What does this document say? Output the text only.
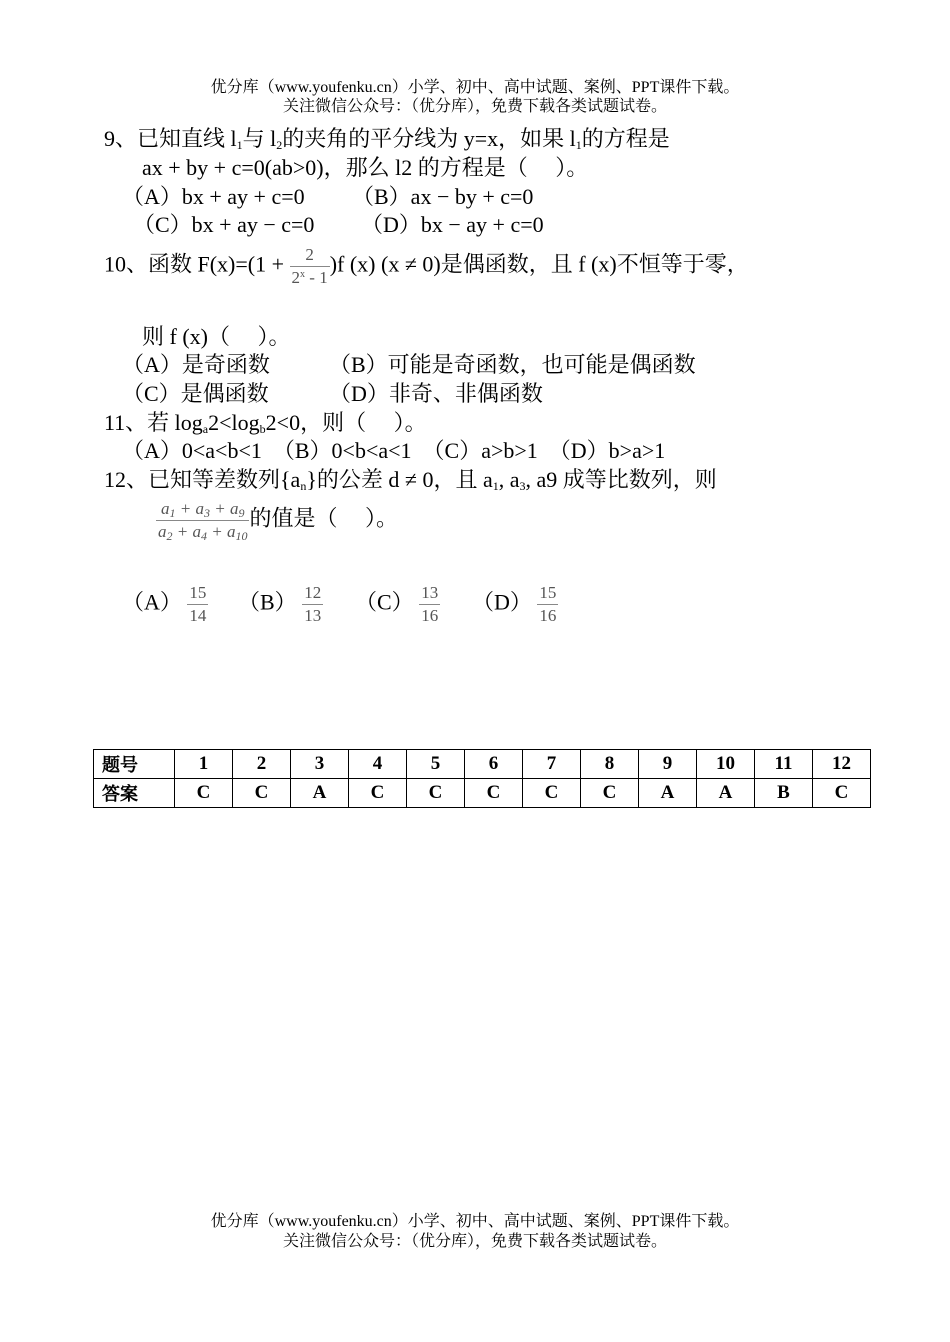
优分库（www.youfenku.cn）小学、初中、高中试题、案例、PPT课件下载。
关注微信公众号：（优分库），免费下载各类试题试卷。
9、已知直线 $l_1$与 $l_2$的夹角的平分线为 y=x，如果 $l_1$的方程是
ax + by + c=0(ab>0)，那么 l2 的方程是（　 ）。
（A）bx + ay + c=0 （B）ax − by + c=0
（C）bx + ay − c=0 （D）bx − ay + c=0
10、函数 $F(x)=(1 + \frac{2}{2^x - 1} )f$ (x) (x ≠ 0)是偶函数，且 f (x)不恒等于零，
则 f (x)（　 ）。
（A）是奇函数	（B）可能是奇函数，也可能是偶函数
（C）是偶函数	（D）非奇、非偶函数
11、若 $\log_a2<\log_b2<0$，则（　 ）。
（A）0<a<b<1　（B）0<b<a<1　（C）a>b>1　（D）b>a>1
12、已知等差数列$\{a_n\}$的公差 d ≠ 0，且 $a_1$, $a_3$, a9 成等比数列，则
$\frac{a_1 + a_3 + a_9}{a_2 + a_4 + a_{10}}$ 的值是（　 ）。
$(A) \frac{15}{14} (B) \frac{12}{13} (C) \frac{13}{16} (D) \frac{15}{16}$
题号	1	2	3	4	5	6	7	8	9	10	11	12
答案	C	C	A	C	C	C	C	C	A	A	B	C
优分库（www.youfenku.cn）小学、初中、高中试题、案例、PPT课件下载。
关注微信公众号：（优分库），免费下载各类试题试卷。
